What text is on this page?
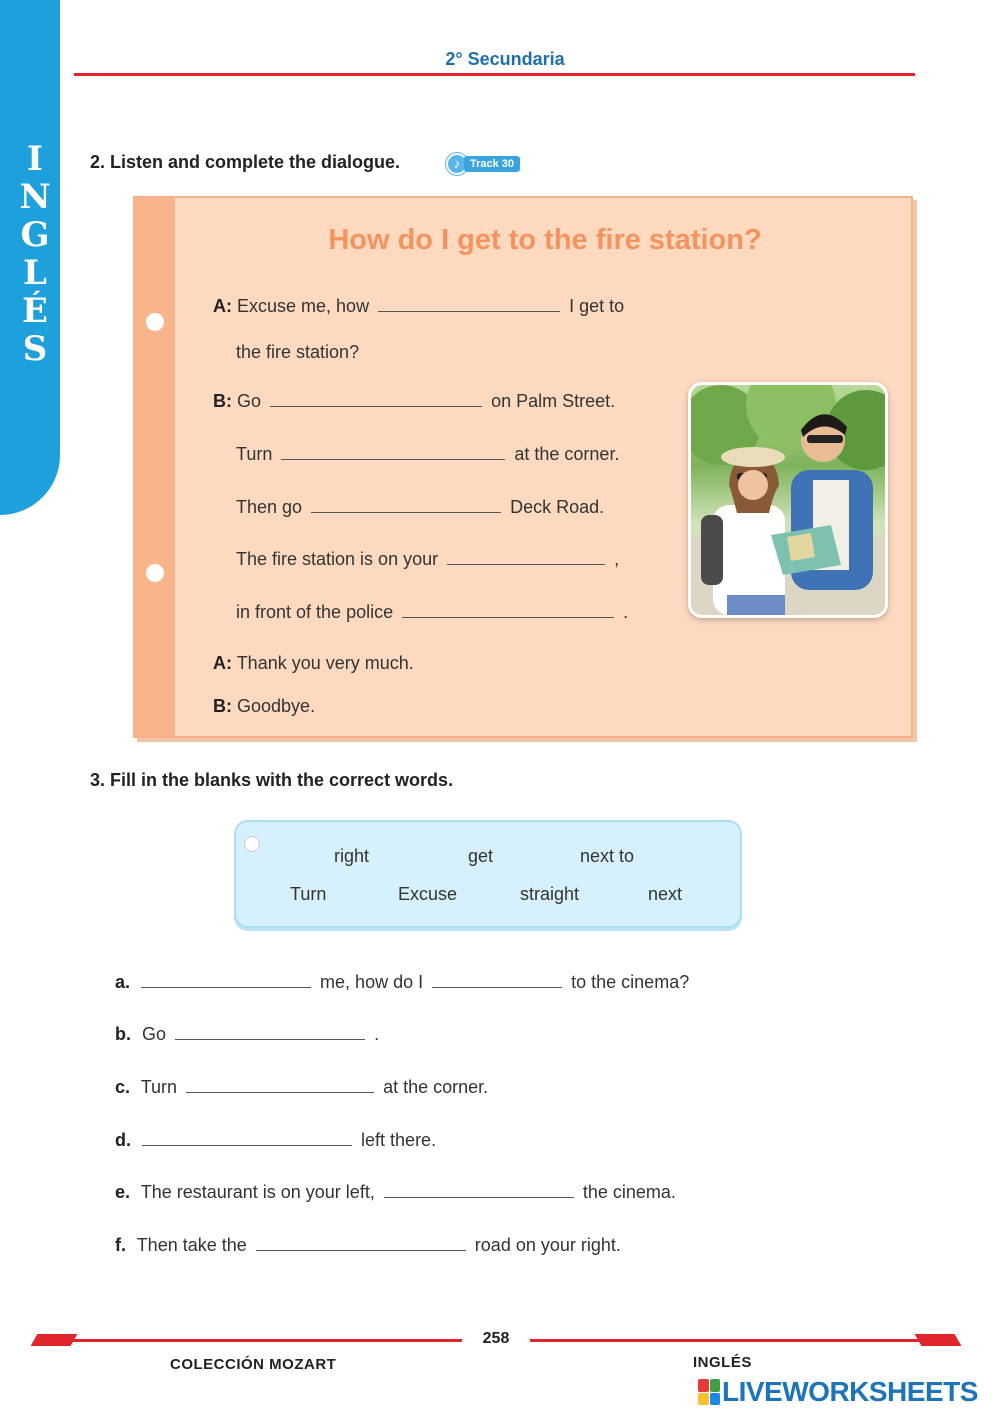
I
N
G
L
É
S
2° Secundaria
2. Listen and complete the dialogue.	♪ Track 30
How do I get to the fire station?
A: Excuse me, how	I get to
the fire station?
B: Go	on Palm Street.
Turn	at the corner.
Then go	Deck Road.
The fire station is on your	,
in front of the police	.
A: Thank you very much.
B: Goodbye.
3. Fill in the blanks with the correct words.
right	get	next to
Turn	Excuse	straight	next
a.	me, how do I	to the cinema?
b. Go	.
c. Turn	at the corner.
d.	left there.
e. The restaurant is on your left,	the cinema.
f. Then take the	road on your right.
258
COLECCIÓN MOZART	INGLÉS
LIVEWORKSHEETS
